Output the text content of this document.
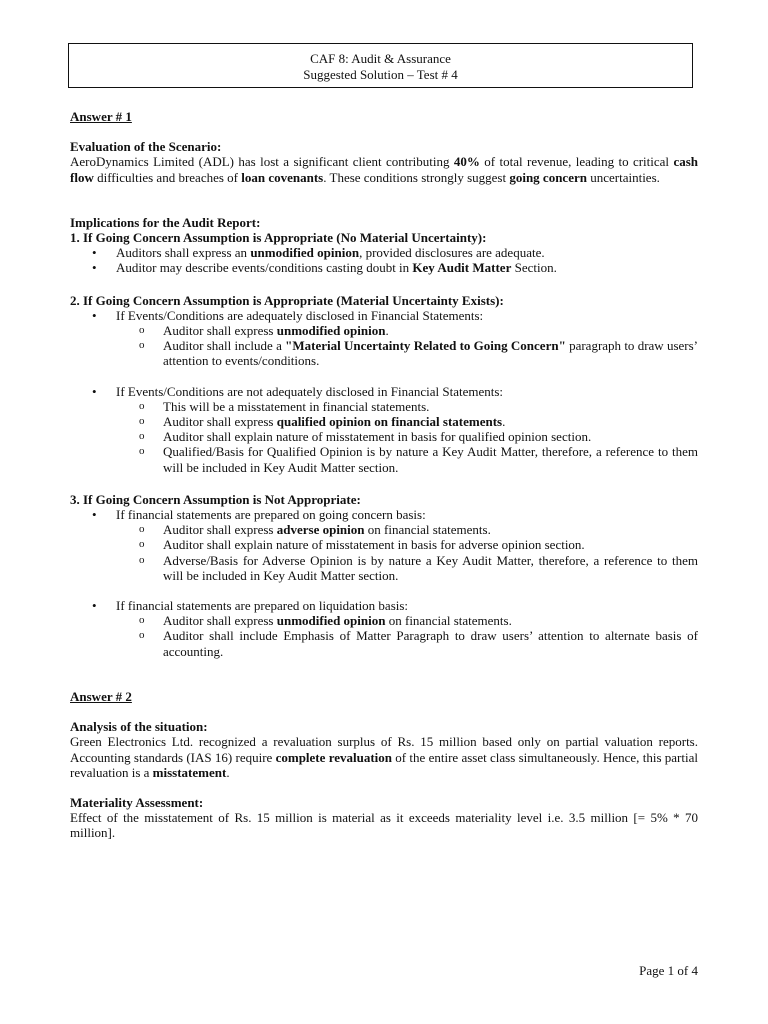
CAF 8: Audit & Assurance
Suggested Solution – Test # 4

Answer # 1

Evaluation of the Scenario:

AeroDynamics Limited (ADL) has lost a significant client contributing 40% of total revenue, leading to critical cash flow difficulties and breaches of loan covenants. These conditions strongly suggest going concern uncertainties.

Implications for the Audit Report:

1. If Going Concern Assumption is Appropriate (No Material Uncertainty):

• Auditors shall express an unmodified opinion, provided disclosures are adequate.
• Auditor may describe events/conditions casting doubt in Key Audit Matter Section.

2. If Going Concern Assumption is Appropriate (Material Uncertainty Exists):

• If Events/Conditions are adequately disclosed in Financial Statements:
o Auditor shall express unmodified opinion.
o Auditor shall include a "Material Uncertainty Related to Going Concern" paragraph to draw users’ attention to events/conditions.
• If Events/Conditions are not adequately disclosed in Financial Statements:
o This will be a misstatement in financial statements.
o Auditor shall express qualified opinion on financial statements.
o Auditor shall explain nature of misstatement in basis for qualified opinion section.
o Qualified/Basis for Qualified Opinion is by nature a Key Audit Matter, therefore, a reference to them will be included in Key Audit Matter section.

3. If Going Concern Assumption is Not Appropriate:

• If financial statements are prepared on going concern basis:
o Auditor shall express adverse opinion on financial statements.
o Auditor shall explain nature of misstatement in basis for adverse opinion section.
o Adverse/Basis for Adverse Opinion is by nature a Key Audit Matter, therefore, a reference to them will be included in Key Audit Matter section.
• If financial statements are prepared on liquidation basis:
o Auditor shall express unmodified opinion on financial statements.
o Auditor shall include Emphasis of Matter Paragraph to draw users’ attention to alternate basis of accounting.

Answer # 2

Analysis of the situation:

Green Electronics Ltd. recognized a revaluation surplus of Rs. 15 million based only on partial valuation reports. Accounting standards (IAS 16) require complete revaluation of the entire asset class simultaneously. Hence, this partial revaluation is a misstatement.

Materiality Assessment:

Effect of the misstatement of Rs. 15 million is material as it exceeds materiality level i.e. 3.5 million [= 5% * 70 million].

Page 1 of 4
